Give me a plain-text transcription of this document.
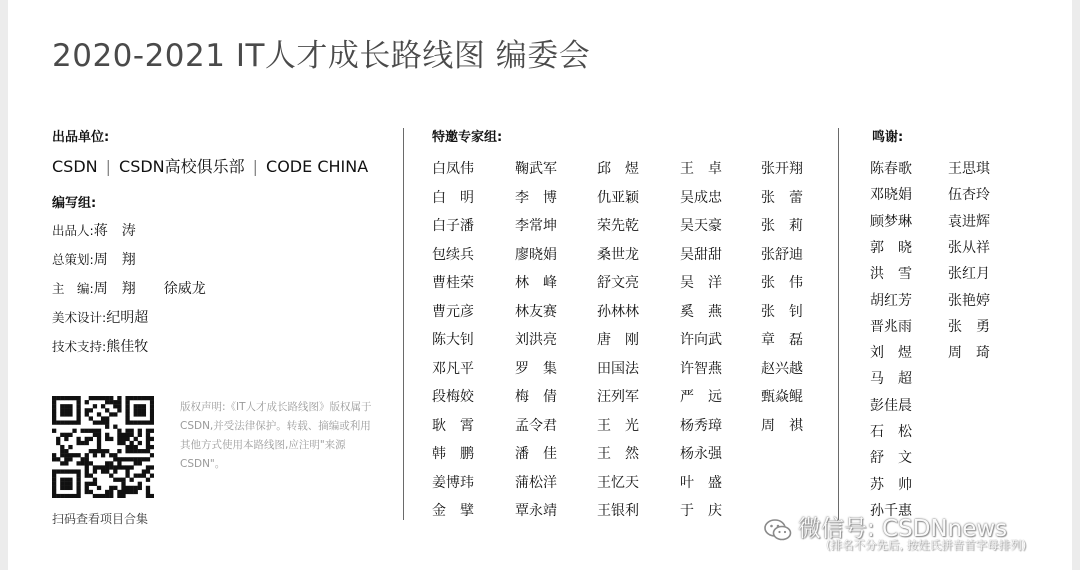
2020-2021 IT人才成长路线图 编委会
出品单位:
CSDN | CSDN高校俱乐部 | CODE CHINA
编写组:
扫码查看项目合集
版权声明:《IT人才成长路线图》版权属于CSDN,并受法律保护。转载、摘编或利用其他方式使用本路线图,应注明"来源CSDN"。
特邀专家组:	鸣谢:
微信号: CSDNnews
(排名不分先后, 按姓氏拼音首字母排列)
出品人:蒋　涛
总策划:周　翔
主　编:周　翔　　徐威龙
美术设计:纪明超
技术支持:熊佳牧
白凤伟
白　明
白子潘
包续兵
曹桂荣
曹元彦
陈大钊
邓凡平
段梅姣
耿　霄
韩　鹏
姜博玮
金　擘
鞠武军
李　博
李常坤
廖晓娟
林　峰
林友赛
刘洪亮
罗　集
梅　倩
孟令君
潘　佳
蒲松洋
覃永靖
邱　煜
仇亚颖
荣先乾
桑世龙
舒文亮
孙林林
唐　刚
田国法
汪列军
王　光
王　然
王忆天
王银利
王　卓
吴成忠
吴天豪
吴甜甜
吴　洋
奚　燕
许向武
许智燕
严　远
杨秀璋
杨永强
叶　盛
于　庆
张开翔
张　蕾
张　莉
张舒迪
张　伟
张　钊
章　磊
赵兴越
甄焱鲲
周　祺
陈春歌
邓晓娟
顾梦琳
郭　晓
洪　雪
胡红芳
晋兆雨
刘　煜
马　超
彭佳晨
石　松
舒　文
苏　帅
孙千惠
王思琪
伍杏玲
袁进辉
张从祥
张红月
张艳婷
张　勇
周　琦
